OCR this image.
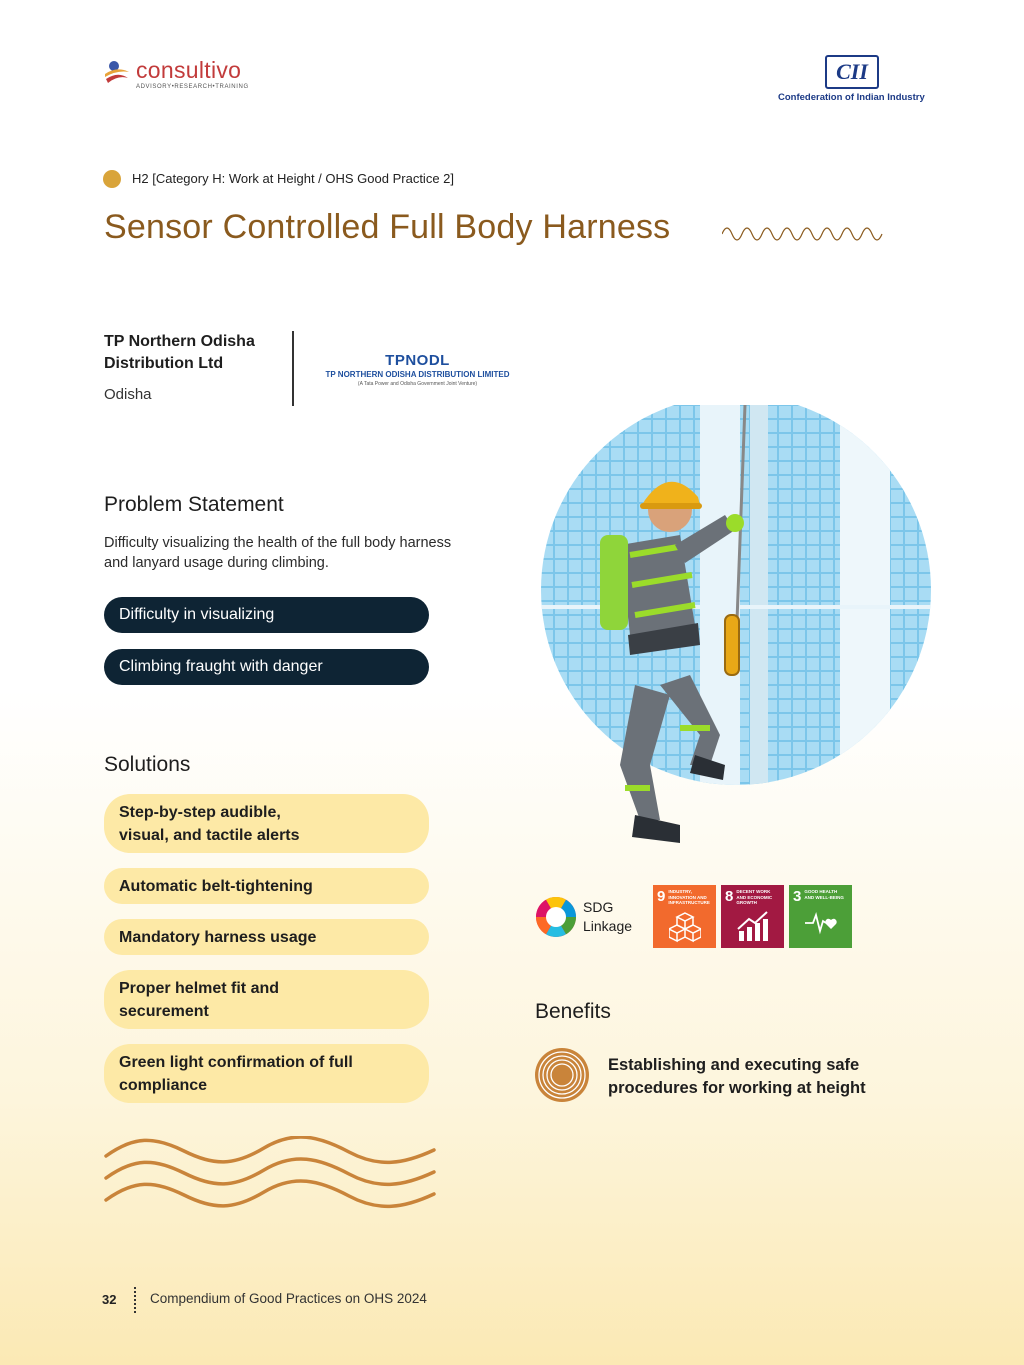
consultivo
ADVISORY•RESEARCH•TRAINING
CII
Confederation of Indian Industry
H2 [Category H: Work at Height / OHS Good Practice 2]
Sensor Controlled Full Body Harness
TP Northern Odisha Distribution Ltd
Odisha
TPNODL
TP NORTHERN ODISHA DISTRIBUTION LIMITED
(A Tata Power and Odisha Government Joint Venture)
Problem Statement
Difficulty visualizing the health of the full body harness and lanyard usage during climbing.
Difficulty in visualizing
Climbing fraught with danger
Solutions
Step-by-step audible, visual, and tactile alerts
Automatic belt-tightening
Mandatory harness usage
Proper helmet fit and securement
Green light confirmation of full compliance
SDG
Linkage
9 INDUSTRY, INNOVATION AND INFRASTRUCTURE 8 DECENT WORK AND ECONOMIC GROWTH	3 GOOD HEALTH AND WELL-BEING
Benefits
Establishing and executing safe procedures for working at height
32 Compendium of Good Practices on OHS 2024
